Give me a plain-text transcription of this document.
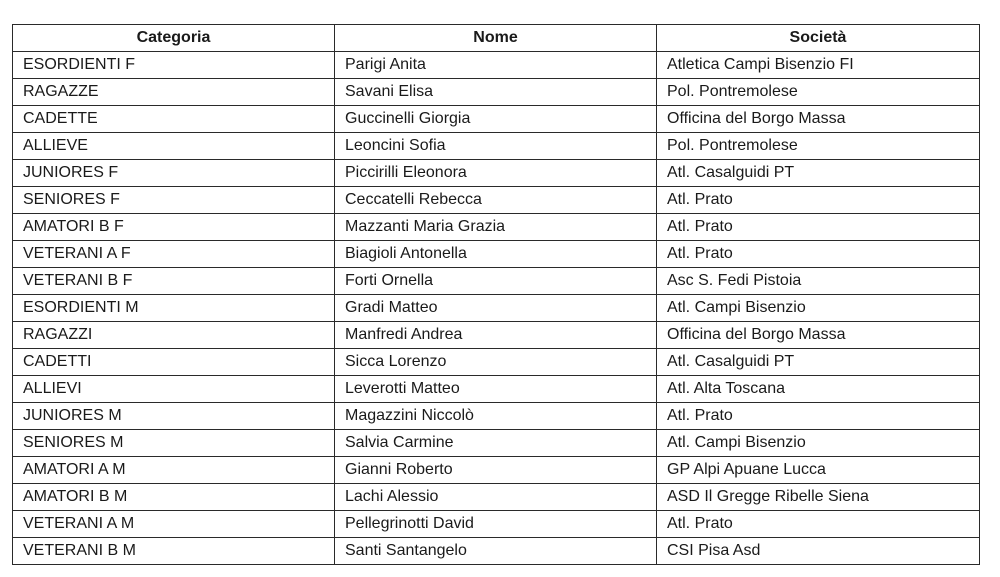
Categoria	Nome	Società
ESORDIENTI F	Parigi Anita	Atletica Campi Bisenzio FI
RAGAZZE	Savani Elisa	Pol. Pontremolese
CADETTE	Guccinelli Giorgia	Officina del Borgo Massa
ALLIEVE	Leoncini Sofia	Pol. Pontremolese
JUNIORES F	Piccirilli Eleonora	Atl. Casalguidi PT
SENIORES F	Ceccatelli Rebecca	Atl. Prato
AMATORI B F	Mazzanti Maria Grazia	Atl. Prato
VETERANI A F	Biagioli Antonella	Atl. Prato
VETERANI B F	Forti Ornella	Asc S. Fedi Pistoia
ESORDIENTI M	Gradi Matteo	Atl. Campi Bisenzio
RAGAZZI	Manfredi Andrea	Officina del Borgo Massa
CADETTI	Sicca Lorenzo	Atl. Casalguidi PT
ALLIEVI	Leverotti Matteo	Atl. Alta Toscana
JUNIORES M	Magazzini Niccolò	Atl. Prato
SENIORES M	Salvia Carmine	Atl. Campi Bisenzio
AMATORI A M	Gianni Roberto	GP Alpi Apuane Lucca
AMATORI B M	Lachi Alessio	ASD Il Gregge Ribelle Siena
VETERANI A M	Pellegrinotti David	Atl. Prato
VETERANI B M	Santi Santangelo	CSI Pisa Asd
